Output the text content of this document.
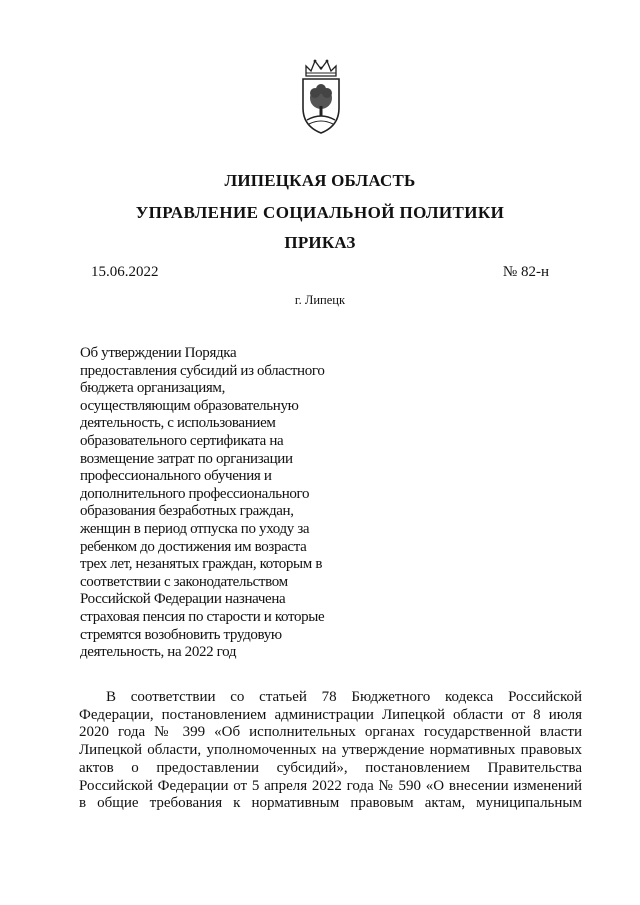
ЛИПЕЦКАЯ ОБЛАСТЬ
УПРАВЛЕНИЕ СОЦИАЛЬНОЙ ПОЛИТИКИ
ПРИКАЗ
15.06.2022	№ 82-н
г. Липецк
Об утверждении Порядка
предоставления субсидий из областного
бюджета организациям,
осуществляющим образовательную
деятельность, с использованием
образовательного сертификата на
возмещение затрат по организации
профессионального обучения и
дополнительного профессионального
образования безработных граждан,
женщин в период отпуска по уходу за
ребенком до достижения им возраста
трех лет, незанятых граждан, которым в
соответствии с законодательством
Российской Федерации назначена
страховая пенсия по старости и которые
стремятся возобновить трудовую
деятельность, на 2022 год
В соответствии со статьей 78 Бюджетного кодекса Российской
Федерации, постановлением администрации Липецкой области от 8 июля
2020 года № 399 «Об исполнительных органах государственной власти
Липецкой области, уполномоченных на утверждение нормативных правовых
актов о предоставлении субсидий», постановлением Правительства
Российской Федерации от 5 апреля 2022 года № 590 «О внесении изменений
в общие требования к нормативным правовым актам, муниципальным
